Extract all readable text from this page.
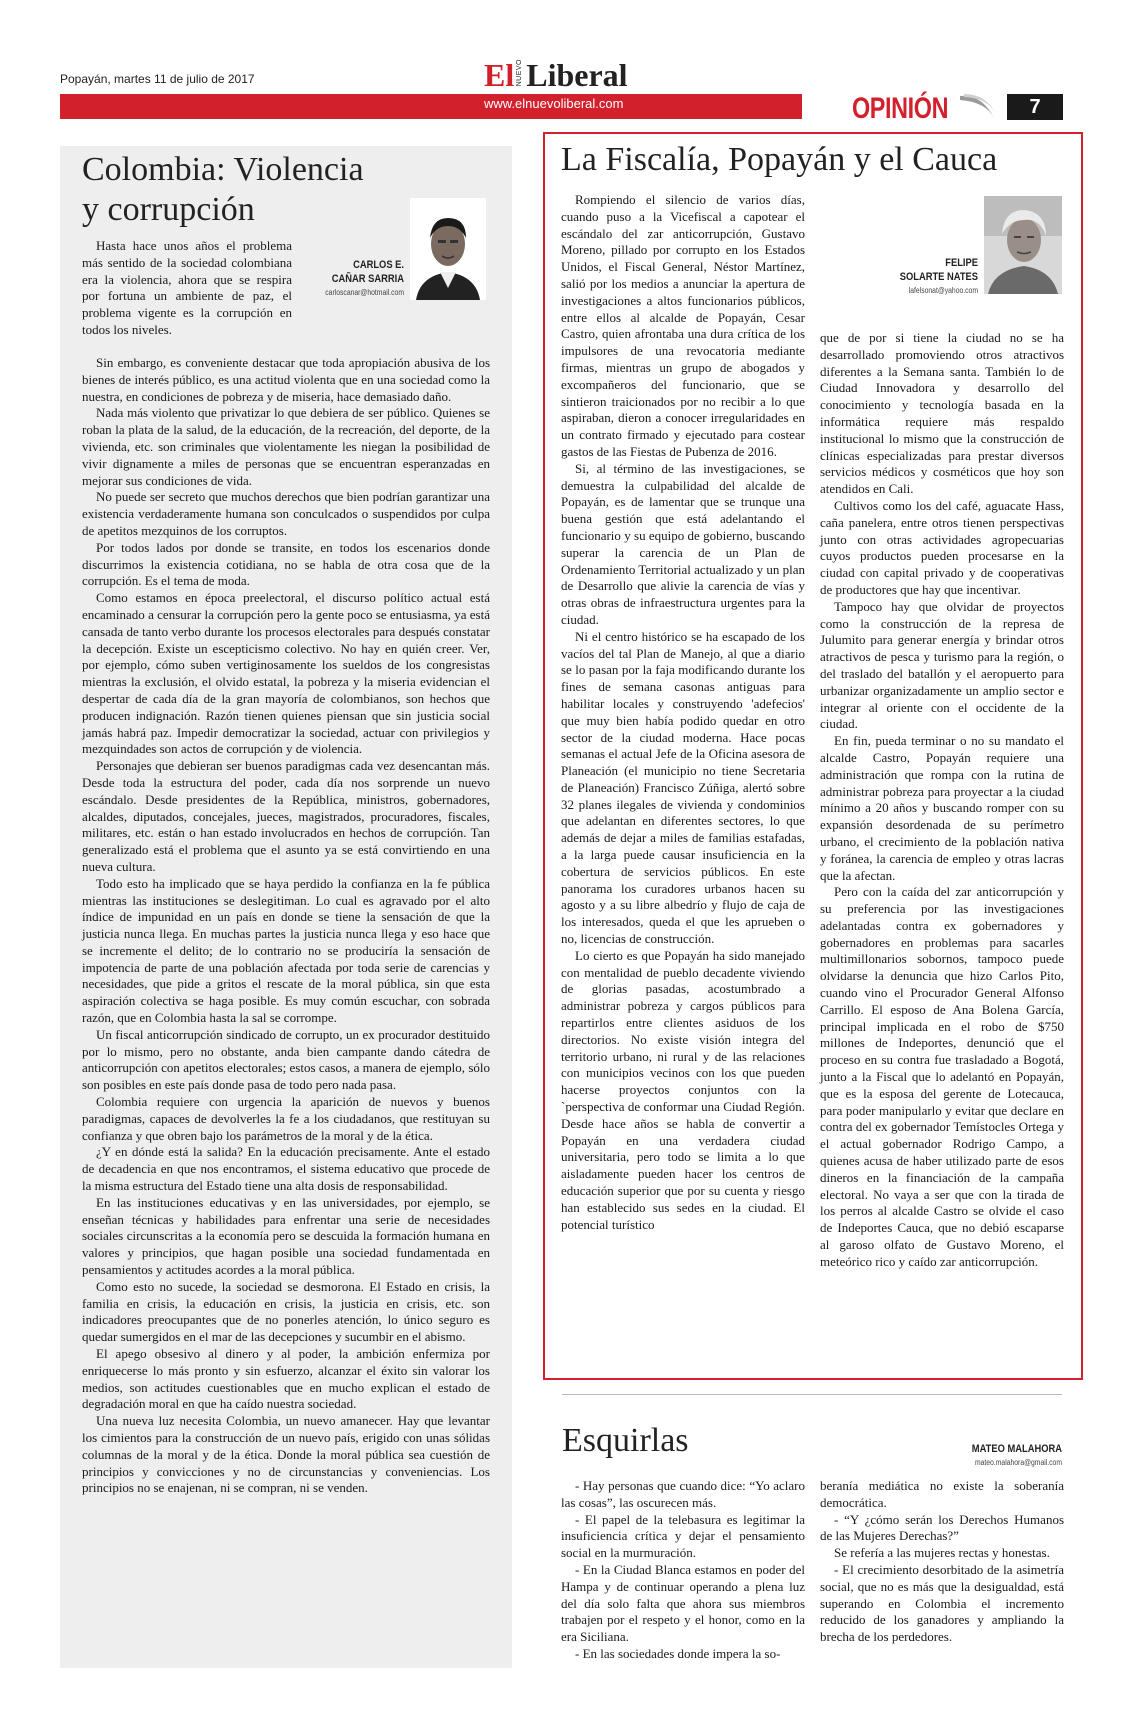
Popayán, martes 11 de julio de 2017	El NUEVO Liberal
www.elnuevoliberal.com	OPINIÓN	7
Colombia: Violencia
y corrupción
CARLOS E.
CAÑAR SARRIA
carloscanar@hotmail.com

Hasta hace unos años el problema más sentido de la sociedad colombiana era la violencia, ahora que se respira por fortuna un ambiente de paz, el problema vigente es la corrupción en todos los niveles.

Sin embargo, es conveniente destacar que toda apropiación abusiva de los bienes de interés público, es una actitud violenta que en una sociedad como la nuestra, en condiciones de pobreza y de miseria, hace demasiado daño.

Nada más violento que privatizar lo que debiera de ser público. Quienes se roban la plata de la salud, de la educación, de la recreación, del deporte, de la vivienda, etc. son criminales que violentamente les niegan la posibilidad de vivir dignamente a miles de personas que se encuentran esperanzadas en mejorar sus condiciones de vida.

No puede ser secreto que muchos derechos que bien podrían garantizar una existencia verdaderamente humana son conculcados o suspendidos por culpa de apetitos mezquinos de los corruptos.

Por todos lados por donde se transite, en todos los escenarios donde discurrimos la existencia cotidiana, no se habla de otra cosa que de la corrupción. Es el tema de moda.

Como estamos en época preelectoral, el discurso político actual está encaminado a censurar la corrupción pero la gente poco se entusiasma, ya está cansada de tanto verbo durante los procesos electorales para después constatar la decepción. Existe un escepticismo colectivo. No hay en quién creer. Ver, por ejemplo, cómo suben vertiginosamente los sueldos de los congresistas mientras la exclusión, el olvido estatal, la pobreza y la miseria evidencian el despertar de cada día de la gran mayoría de colombianos, son hechos que producen indignación. Razón tienen quienes piensan que sin justicia social jamás habrá paz. Impedir democratizar la sociedad, actuar con privilegios y mezquindades son actos de corrupción y de violencia.

Personajes que debieran ser buenos paradigmas cada vez desencantan más. Desde toda la estructura del poder, cada día nos sorprende un nuevo escándalo. Desde presidentes de la República, ministros, gobernadores, alcaldes, diputados, concejales, jueces, magistrados, procuradores, fiscales, militares, etc. están o han estado involucrados en hechos de corrupción. Tan generalizado está el problema que el asunto ya se está convirtiendo en una nueva cultura.

Todo esto ha implicado que se haya perdido la confianza en la fe pública mientras las instituciones se deslegitiman. Lo cual es agravado por el alto índice de impunidad en un país en donde se tiene la sensación de que la justicia nunca llega. En muchas partes la justicia nunca llega y eso hace que se incremente el delito; de lo contrario no se produciría la sensación de impotencia de parte de una población afectada por toda serie de carencias y necesidades, que pide a gritos el rescate de la moral pública, sin que esta aspiración colectiva se haga posible. Es muy común escuchar, con sobrada razón, que en Colombia hasta la sal se corrompe.

Un fiscal anticorrupción sindicado de corrupto, un ex procurador destituido por lo mismo, pero no obstante, anda bien campante dando cátedra de anticorrupción con apetitos electorales; estos casos, a manera de ejemplo, sólo son posibles en este país donde pasa de todo pero nada pasa.

Colombia requiere con urgencia la aparición de nuevos y buenos paradigmas, capaces de devolverles la fe a los ciudadanos, que restituyan su confianza y que obren bajo los parámetros de la moral y de la ética.

¿Y en dónde está la salida? En la educación precisamente. Ante el estado de decadencia en que nos encontramos, el sistema educativo que procede de la misma estructura del Estado tiene una alta dosis de responsabilidad.

En las instituciones educativas y en las universidades, por ejemplo, se enseñan técnicas y habilidades para enfrentar una serie de necesidades sociales circunscritas a la economía pero se descuida la formación humana en valores y principios, que hagan posible una sociedad fundamentada en pensamientos y actitudes acordes a la moral pública.

Como esto no sucede, la sociedad se desmorona. El Estado en crisis, la familia en crisis, la educación en crisis, la justicia en crisis, etc. son indicadores preocupantes que de no ponerles atención, lo único seguro es quedar sumergidos en el mar de las decepciones y sucumbir en el abismo.

El apego obsesivo al dinero y al poder, la ambición enfermiza por enriquecerse lo más pronto y sin esfuerzo, alcanzar el éxito sin valorar los medios, son actitudes cuestionables que en mucho explican el estado de degradación moral en que ha caído nuestra sociedad.

Una nueva luz necesita Colombia, un nuevo amanecer. Hay que levantar los cimientos para la construcción de un nuevo país, erigido con unas sólidas columnas de la moral y de la ética. Donde la moral pública sea cuestión de principios y convicciones y no de circunstancias y conveniencias. Los principios no se enajenan, ni se compran, ni se venden.

La Fiscalía, Popayán y el Cauca
FELIPE
SOLARTE NATES
lafelsonat@yahoo.com

Rompiendo el silencio de varios días, cuando puso a la Vicefiscal a capotear el escándalo del zar anticorrupción, Gustavo Moreno, pillado por corrupto en los Estados Unidos, el Fiscal General, Néstor Martínez, salió por los medios a anunciar la apertura de investigaciones a altos funcionarios públicos, entre ellos al alcalde de Popayán, Cesar Castro, quien afrontaba una dura crítica de los impulsores de una revocatoria mediante firmas, mientras un grupo de abogados y excompañeros del funcionario, que se sintieron traicionados por no recibir a lo que aspiraban, dieron a conocer irregularidades en un contrato firmado y ejecutado para costear gastos de las Fiestas de Pubenza de 2016.

Si, al término de las investigaciones, se demuestra la culpabilidad del alcalde de Popayán, es de lamentar que se trunque una buena gestión que está adelantando el funcionario y su equipo de gobierno, buscando superar la carencia de un Plan de Ordenamiento Territorial actualizado y un plan de Desarrollo que alivie la carencia de vías y otras obras de infraestructura urgentes para la ciudad.

Ni el centro histórico se ha escapado de los vacíos del tal Plan de Manejo, al que a diario se lo pasan por la faja modificando durante los fines de semana casonas antiguas para habilitar locales y construyendo 'adefecios' que muy bien había podido quedar en otro sector de la ciudad moderna. Hace pocas semanas el actual Jefe de la Oficina asesora de Planeación (el municipio no tiene Secretaria de Planeación) Francisco Zúñiga, alertó sobre 32 planes ilegales de vivienda y condominios que adelantan en diferentes sectores, lo que además de dejar a miles de familias estafadas, a la larga puede causar insuficiencia en la cobertura de servicios públicos. En este panorama los curadores urbanos hacen su agosto y a su libre albedrío y flujo de caja de los interesados, queda el que les aprueben o no, licencias de construcción.

Lo cierto es que Popayán ha sido manejado con mentalidad de pueblo decadente viviendo de glorias pasadas, acostumbrado a administrar pobreza y cargos públicos para repartirlos entre clientes asiduos de los directorios. No existe visión integra del territorio urbano, ni rural y de las relaciones con municipios vecinos con los que pueden hacerse proyectos conjuntos con la `perspectiva de conformar una Ciudad Región. Desde hace años se habla de convertir a Popayán en una verdadera ciudad universitaria, pero todo se limita a lo que aisladamente pueden hacer los centros de educación superior que por su cuenta y riesgo han establecido sus sedes en la ciudad. El potencial turístico

que de por si tiene la ciudad no se ha desarrollado promoviendo otros atractivos diferentes a la Semana santa. También lo de Ciudad Innovadora y desarrollo del conocimiento y tecnología basada en la informática requiere más respaldo institucional lo mismo que la construcción de clínicas especializadas para prestar diversos servicios médicos y cosméticos que hoy son atendidos en Cali.

Cultivos como los del café, aguacate Hass, caña panelera, entre otros tienen perspectivas junto con otras actividades agropecuarias cuyos productos pueden procesarse en la ciudad con capital privado y de cooperativas de productores que hay que incentivar.

Tampoco hay que olvidar de proyectos como la construcción de la represa de Julumito para generar energía y brindar otros atractivos de pesca y turismo para la región, o del traslado del batallón y el aeropuerto para urbanizar organizadamente un amplio sector e integrar al oriente con el occidente de la ciudad.

En fin, pueda terminar o no su mandato el alcalde Castro, Popayán requiere una administración que rompa con la rutina de administrar pobreza para proyectar a la ciudad mínimo a 20 años y buscando romper con su expansión desordenada de su perímetro urbano, el crecimiento de la población nativa y foránea, la carencia de empleo y otras lacras que la afectan.

Pero con la caída del zar anticorrupción y su preferencia por las investigaciones adelantadas contra ex gobernadores y gobernadores en problemas para sacarles multimillonarios sobornos, tampoco puede olvidarse la denuncia que hizo Carlos Pito, cuando vino el Procurador General Alfonso Carrillo. El esposo de Ana Bolena García, principal implicada en el robo de $750 millones de Indeportes, denunció que el proceso en su contra fue trasladado a Bogotá, junto a la Fiscal que lo adelantó en Popayán, que es la esposa del gerente de Lotecauca, para poder manipularlo y evitar que declare en contra del ex gobernador Temístocles Ortega y el actual gobernador Rodrigo Campo, a quienes acusa de haber utilizado parte de esos dineros en la financiación de la campaña electoral. No vaya a ser que con la tirada de los perros al alcalde Castro se olvide el caso de Indeportes Cauca, que no debió escaparse al garoso olfato de Gustavo Moreno, el meteórico rico y caído zar anticorrupción.

Esquirlas	MATEO MALAHORA
mateo.malahora@gmail.com

- Hay personas que cuando dice: “Yo aclaro las cosas”, las oscurecen más.

- El papel de la telebasura es legitimar la insuficiencia crítica y dejar el pensamiento social en la murmuración.

- En la Ciudad Blanca estamos en poder del Hampa y de continuar operando a plena luz del día solo falta que ahora sus miembros trabajen por el respeto y el honor, como en la era Siciliana.

- En las sociedades donde impera la so-

beranía mediática no existe la soberanía democrática.

- “Y ¿cómo serán los Derechos Humanos de las Mujeres Derechas?”

Se refería a las mujeres rectas y honestas.

- El crecimiento desorbitado de la asimetría social, que no es más que la desigualdad, está superando en Colombia el incremento reducido de los ganadores y ampliando la brecha de los perdedores.
